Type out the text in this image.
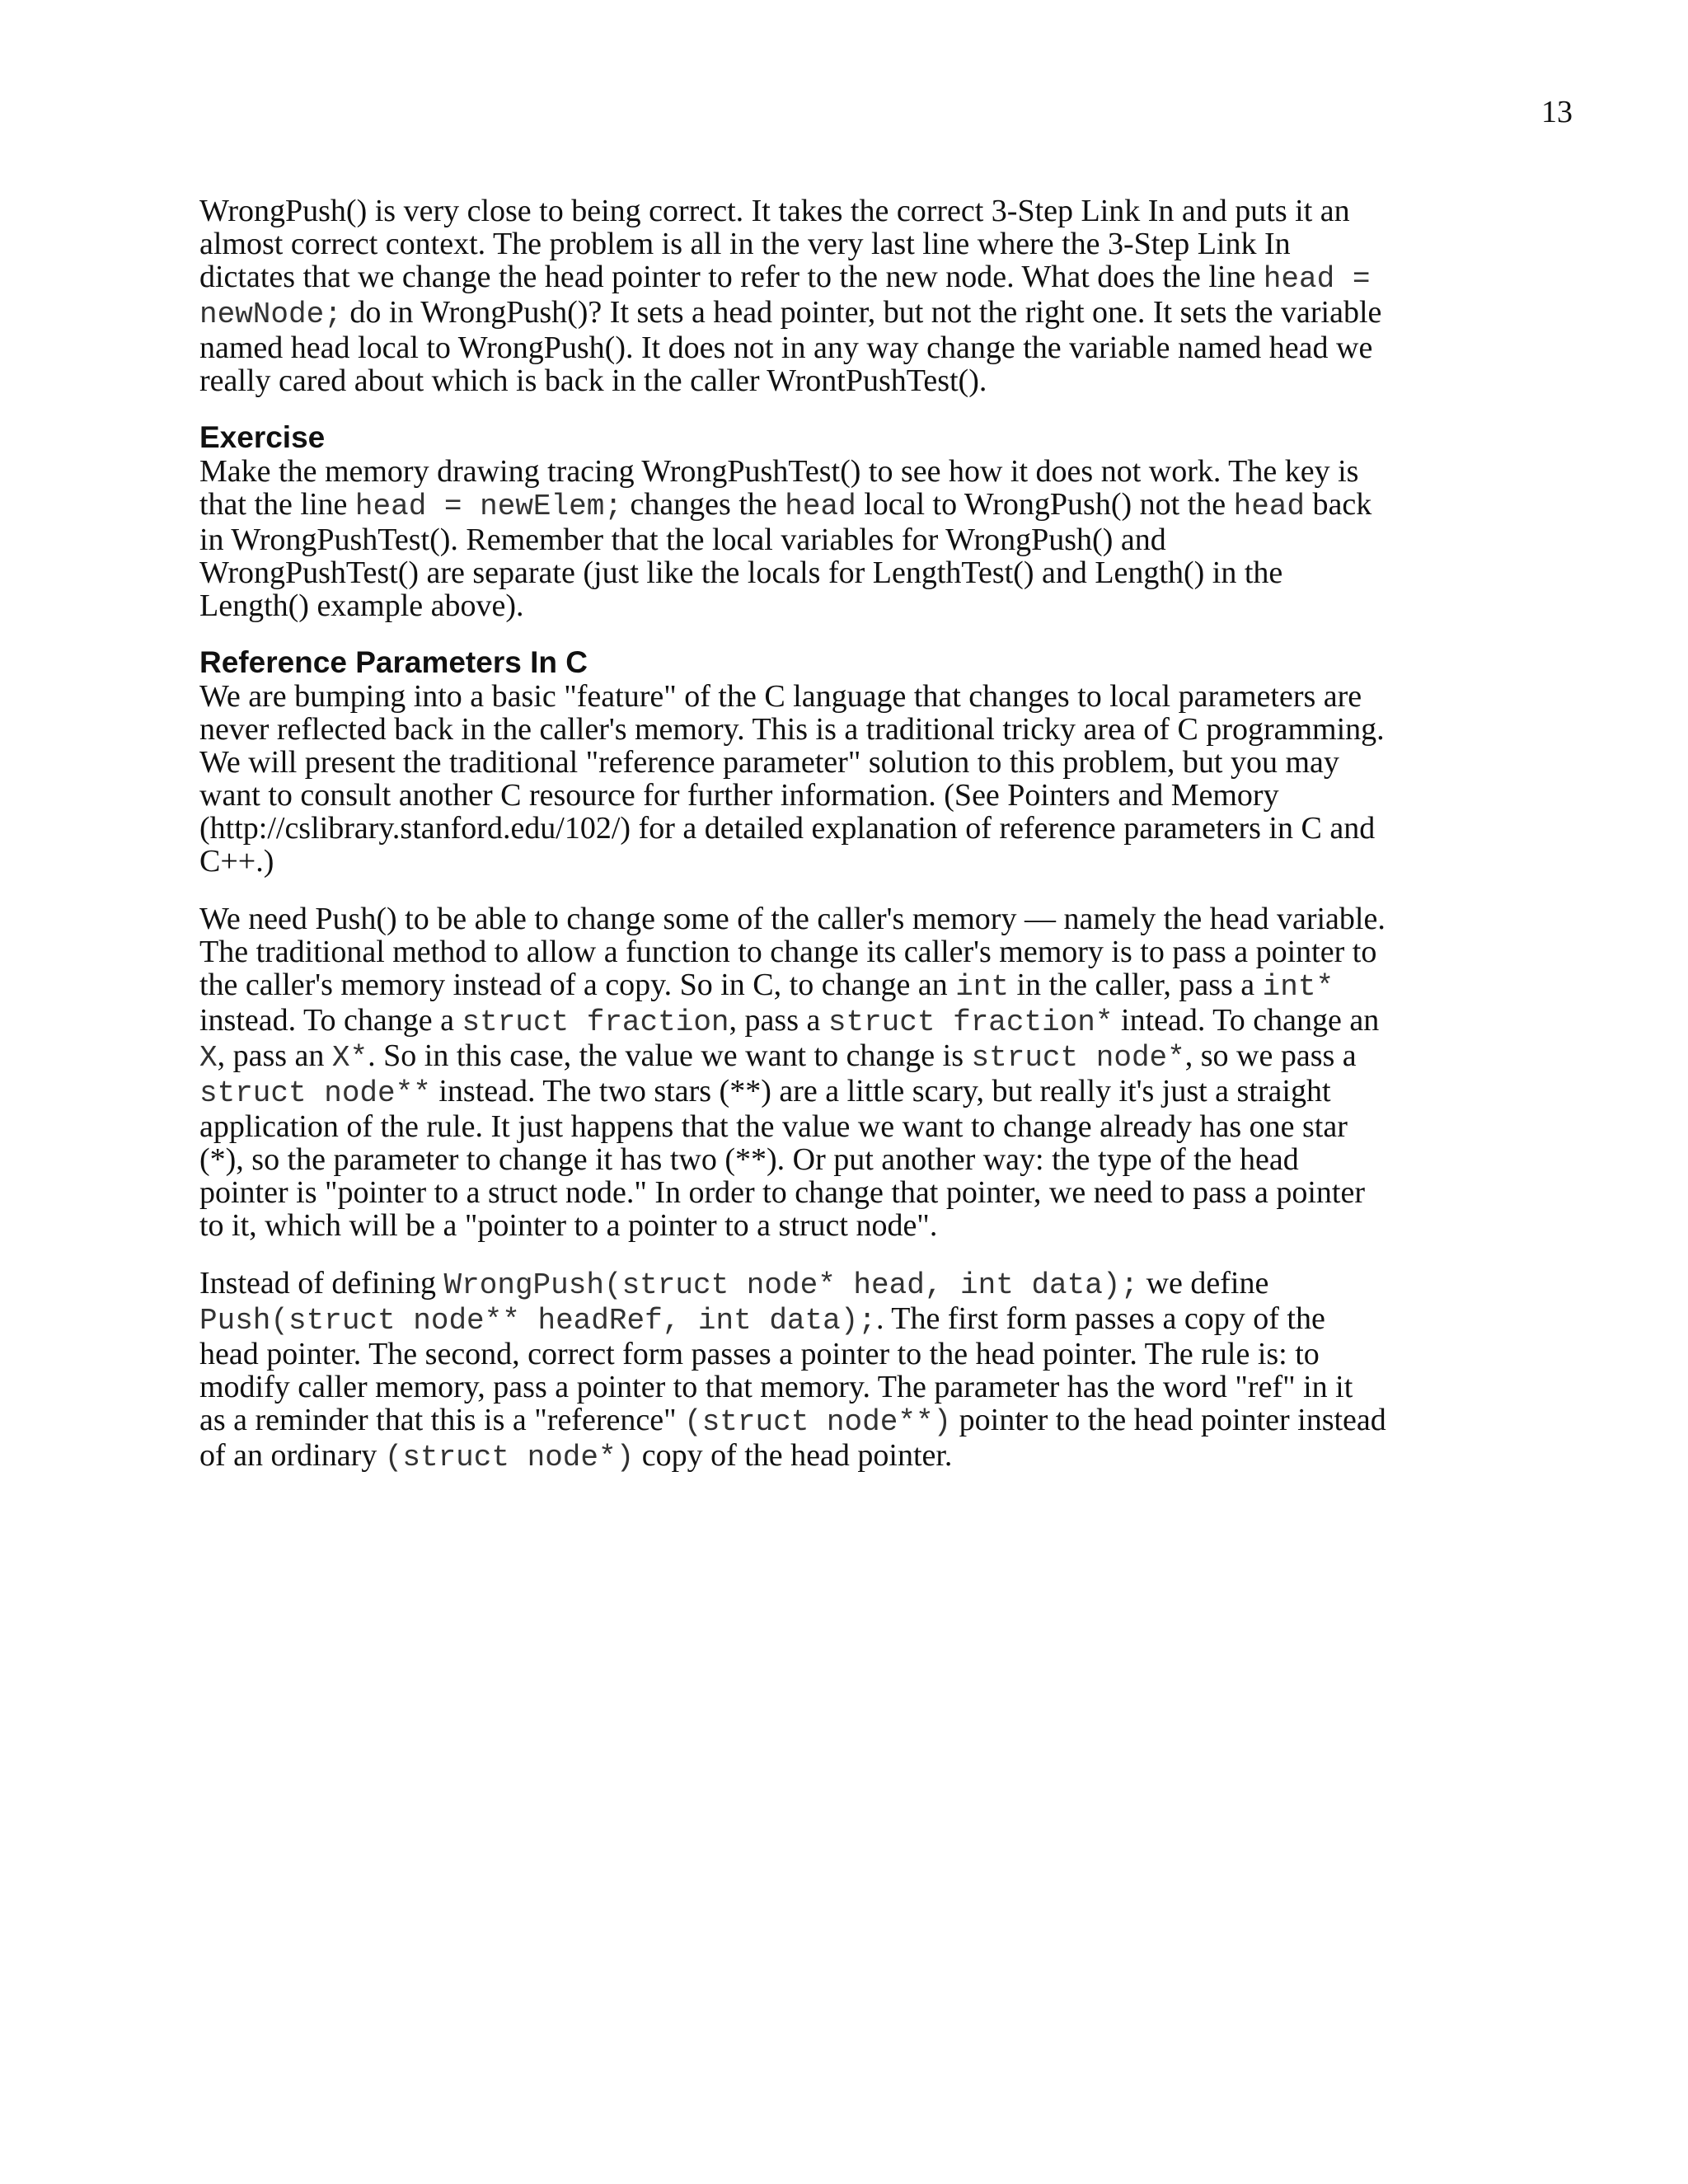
13

WrongPush() is very close to being correct. It takes the correct 3-Step Link In and puts it an almost correct context. The problem is all in the very last line where the 3-Step Link In dictates that we change the head pointer to refer to the new node. What does the line head = newNode; do in WrongPush()? It sets a head pointer, but not the right one. It sets the variable named head local to WrongPush(). It does not in any way change the variable named head we really cared about which is back in the caller WrontPushTest().

Exercise

Make the memory drawing tracing WrongPushTest() to see how it does not work. The key is that the line head = newElem; changes the head local to WrongPush() not the head back in WrongPushTest(). Remember that the local variables for WrongPush() and WrongPushTest() are separate (just like the locals for LengthTest() and Length() in the Length() example above).

Reference Parameters In C

We are bumping into a basic "feature" of the C language that changes to local parameters are never reflected back in the caller's memory. This is a traditional tricky area of C programming. We will present the traditional "reference parameter" solution to this problem, but you may want to consult another C resource for further information. (See Pointers and Memory (http://cslibrary.stanford.edu/102/) for a detailed explanation of reference parameters in C and C++.)

We need Push() to be able to change some of the caller's memory — namely the head variable. The traditional method to allow a function to change its caller's memory is to pass a pointer to the caller's memory instead of a copy. So in C, to change an int in the caller, pass a int* instead. To change a struct fraction, pass a struct fraction* intead. To change an X, pass an X*. So in this case, the value we want to change is struct node*, so we pass a struct node** instead. The two stars (**) are a little scary, but really it's just a straight application of the rule. It just happens that the value we want to change already has one star (*), so the parameter to change it has two (**). Or put another way: the type of the head pointer is "pointer to a struct node." In order to change that pointer, we need to pass a pointer to it, which will be a "pointer to a pointer to a struct node".

Instead of defining WrongPush(struct node* head, int data); we define Push(struct node** headRef, int data);. The first form passes a copy of the head pointer. The second, correct form passes a pointer to the head pointer. The rule is: to modify caller memory, pass a pointer to that memory. The parameter has the word "ref" in it as a reminder that this is a "reference" (struct node**) pointer to the head pointer instead of an ordinary (struct node*) copy of the head pointer.
